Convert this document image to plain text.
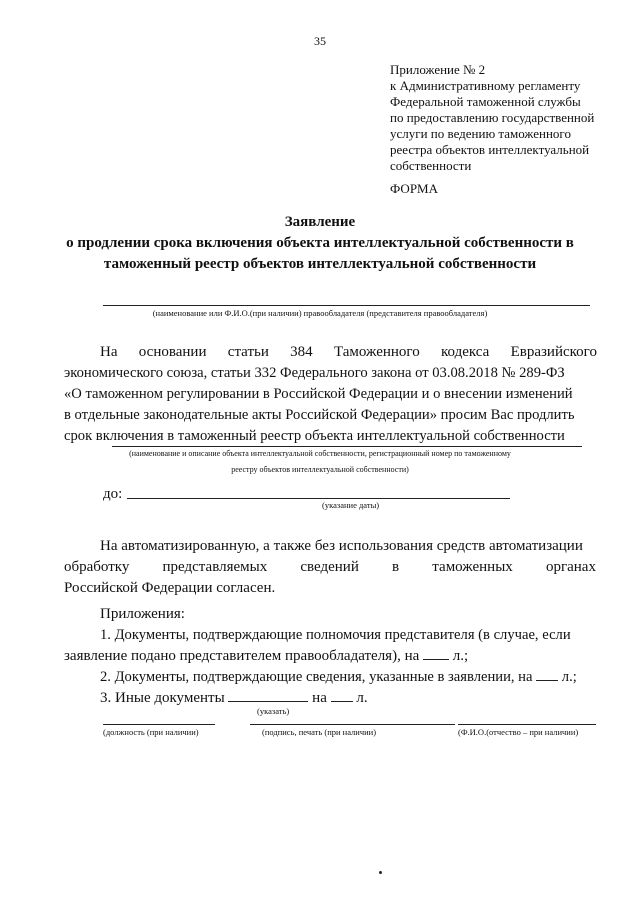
35
Приложение № 2
к Административному регламенту
Федеральной таможенной службы
по предоставлению государственной
услуги по ведению таможенного
реестра объектов интеллектуальной
собственности
ФОРМА
Заявление
о продлении срока включения объекта интеллектуальной собственности в
таможенный реестр объектов интеллектуальной собственности
(наименование или Ф.И.О.(при наличии) правообладателя (представителя правообладателя)
На основании статьи 384 Таможенного кодекса Евразийского
экономического союза, статьи 332 Федерального закона от 03.08.2018 № 289-ФЗ
«О таможенном регулировании в Российской Федерации и о внесении изменений
в отдельные законодательные акты Российской Федерации» просим Вас продлить
срок включения в таможенный реестр объекта интеллектуальной собственности
(наименование и описание объекта интеллектуальной собственности, регистрационный номер по таможенному
реестру объектов интеллектуальной собственности)
до:
(указание даты)
На автоматизированную, а также без использования средств автоматизации
обработку представляемых сведений в таможенных органах
Российской Федерации согласен.
Приложения:
1. Документы, подтверждающие полномочия представителя (в случае, если
заявление подано представителем правообладателя), на л.;
2. Документы, подтверждающие сведения, указанные в заявлении, на л.;
3. Иные документы	на л.
(указать)
(должность (при наличии)	(подпись, печать (при наличии)	(Ф.И.О.(отчество – при наличии)
